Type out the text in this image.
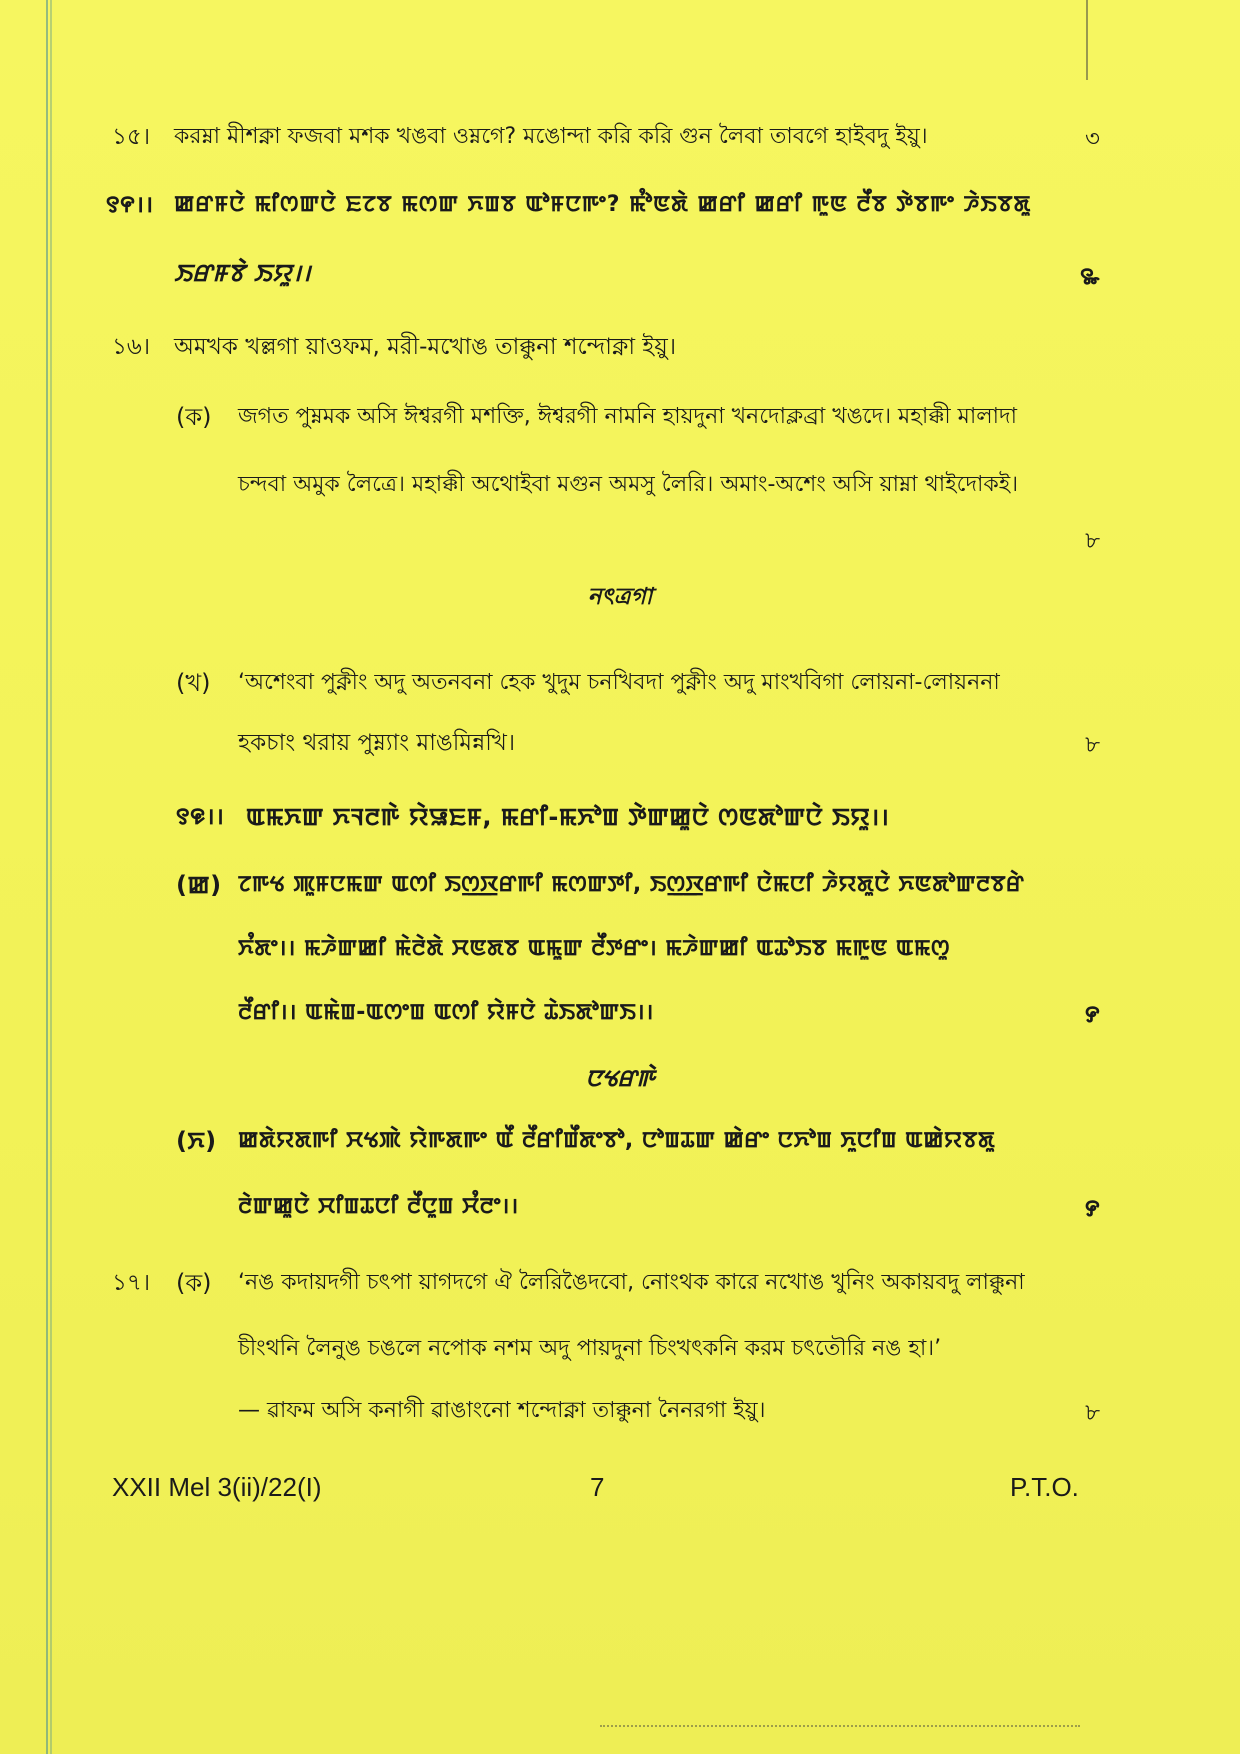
১৫। করম্না মীশক্না ফজবা মশক খঙবা ওম্নগে? মঙোন্দা করি করি গুন লৈবা তাবগে হাইবদু ইয়ু।	৩
꯱꯵।। ꯀꯔꯝꯅꯥ ꯃꯤꯁꯛꯅꯥ ꯐꯖꯕ ꯃꯁꯛ ꯈꯡꯕ ꯑꯣꯝꯅꯒꯦ? ꯃꯪꯣꯟꯗꯥ ꯀꯔꯤ ꯀꯔꯤ ꯒꯨꯟ ꯂꯩꯕ ꯇꯥꯕꯒꯦ ꯍꯥꯏꯕꯗꯨ
ꯏꯔꯝꯕꯥ ꯏꯌꯨ।।	꯳
১৬। অমখক খল্লগা য়াওফম, মরী-মখোঙ তাক্কুনা শন্দোক্না ইয়ু।
(ক) জগত পুম্নমক অসি ঈশ্বরগী মশক্তি, ঈশ্বরগী নামনি হায়দুনা খনদোক্লব্রা খঙদে। মহাক্কী মালাদা
চন্দবা অমুক লৈত্রে। মহাক্কী অথোইবা মগুন অমসু লৈরি। অমাং-অশেং অসি য়াম্না থাইদোকই।
৮
নৎত্রগা
(খ) ‘অশেংবা পুক্নীং অদু অতনবনা হেক খুদুম চনখিবদা পুক্নীং অদু মাংখবিগা লোয়না-লোয়ননা
হকচাং থরায় পুম্ন্যাং মাঙমিন্নখি।	৮
꯱꯶।। ꯑꯃꯈꯛ ꯈꯜꯂꯒꯥ ꯌꯥꯎꯐꯝ, ꯃꯔꯤ-ꯃꯈꯣꯡ ꯇꯥꯛꯀꯨꯅꯥ ꯁꯟꯗꯣꯛꯅꯥ ꯏꯌꯨ।।
(ꯀ) ꯖꯒꯠ ꯄꯨꯝꯅꯃꯛ ꯑꯁꯤ ꯏꯁ꯭ꯋꯔꯒꯤ ꯃꯁꯛꯇꯤ, ꯏꯁ꯭ꯋꯔꯒꯤ ꯅꯥꯃꯅꯤ ꯍꯥꯌꯗꯨꯅꯥ ꯈꯟꯗꯣꯛꯂꯕꯔꯥ
ꯈꯪꯗꯦ।। ꯃꯍꯥꯛꯀꯤ ꯃꯥꯂꯥꯗꯥ ꯆꯟꯗꯕ ꯑꯃꯨꯛ ꯂꯩꯇꯔꯦ। ꯃꯍꯥꯛꯀꯤ ꯑꯊꯣꯏꯕ ꯃꯒꯨꯟ ꯑꯃꯁꯨ
ꯂꯩꯔꯤ।। ꯑꯃꯥꯡ-ꯑꯁꯦꯡ ꯑꯁꯤ ꯌꯥꯝꯅꯥ ꯊꯥꯏꯗꯣꯛꯏ।।	꯸
ꯅꯠꯔꯒꯥ
(ꯈ) ꯀꯗꯥꯌꯗꯒꯤ ꯆꯠꯄꯥ ꯌꯥꯒꯗꯒꯦ ꯑꯩ ꯂꯩꯔꯤꯡꯩꯗꯦꯕꯣ, ꯅꯣꯡꯊꯛ ꯀꯥꯔꯦ ꯅꯈꯣꯡ ꯈꯨꯅꯤꯡ ꯑꯀꯥꯌꯕꯗꯨ
ꯂꯥꯛꯀꯨꯅꯥ ꯆꯤꯡꯊꯅꯤ ꯂꯩꯅꯨꯡ ꯆꯪꯂꯦ।।	꯸
১৭। (ক) ‘নঙ কদায়দগী চৎপা য়াগদগে ঐ লৈরিঙৈদবো, নোংথক কারে নখোঙ খুনিং অকায়বদু লাক্কুনা
চীংথনি লৈনুঙ চঙলে নপোক নশম অদু পায়দুনা চিংখৎকনি করম চৎতৌরি নঙ হা।’
— ৱাফম অসি কনাগী ৱাঙাংনো শন্দোক্না তাক্কুনা নৈনরগা ইয়ু।	৮
XXII Mel 3(ii)/22(I)	7	P.T.O.
